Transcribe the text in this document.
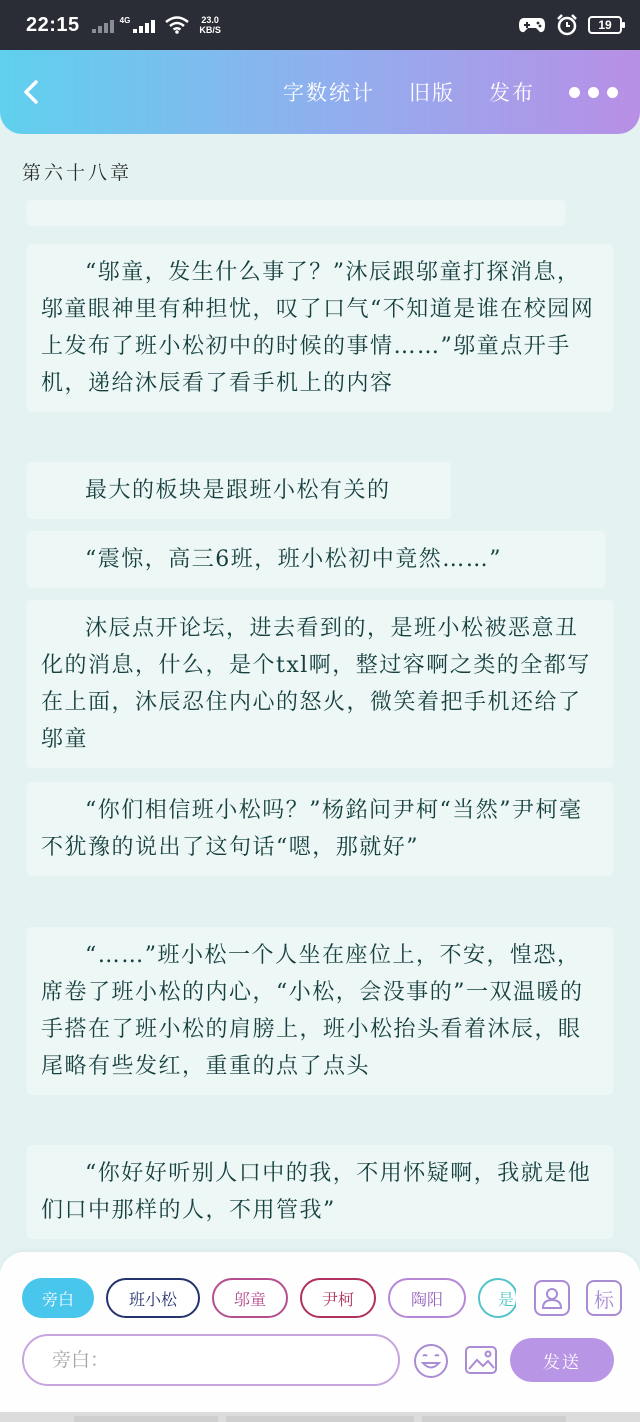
22:15	4G	23.0
KB/S	19
字数统计 旧版 发布
第六十八章
“邬童，发生什么事了？”沐辰跟邬童打探消息，邬童眼神里有种担忧，叹了口气“不知道是谁在校园网上发布了班小松初中的时候的事情……”邬童点开手机，递给沐辰看了看手机上的内容
最大的板块是跟班小松有关的
“震惊，高三6班，班小松初中竟然……”
沐辰点开论坛，进去看到的，是班小松被恶意丑化的消息，什么，是个txl啊，整过容啊之类的全都写在上面，沐辰忍住内心的怒火，微笑着把手机还给了邬童
“你们相信班小松吗？”杨銘问尹柯“当然”尹柯毫不犹豫的说出了这句话“嗯，那就好”
“……”班小松一个人坐在座位上，不安，惶恐，席卷了班小松的内心，“小松，会没事的”一双温暖的手搭在了班小松的肩膀上，班小松抬头看着沐辰，眼尾略有些发红，重重的点了点头
“你好好听别人口中的我，不用怀疑啊，我就是他们口中那样的人，不用管我”
旁白	班小松	邬童	尹柯	陶阳	是	标
旁白：
发送
